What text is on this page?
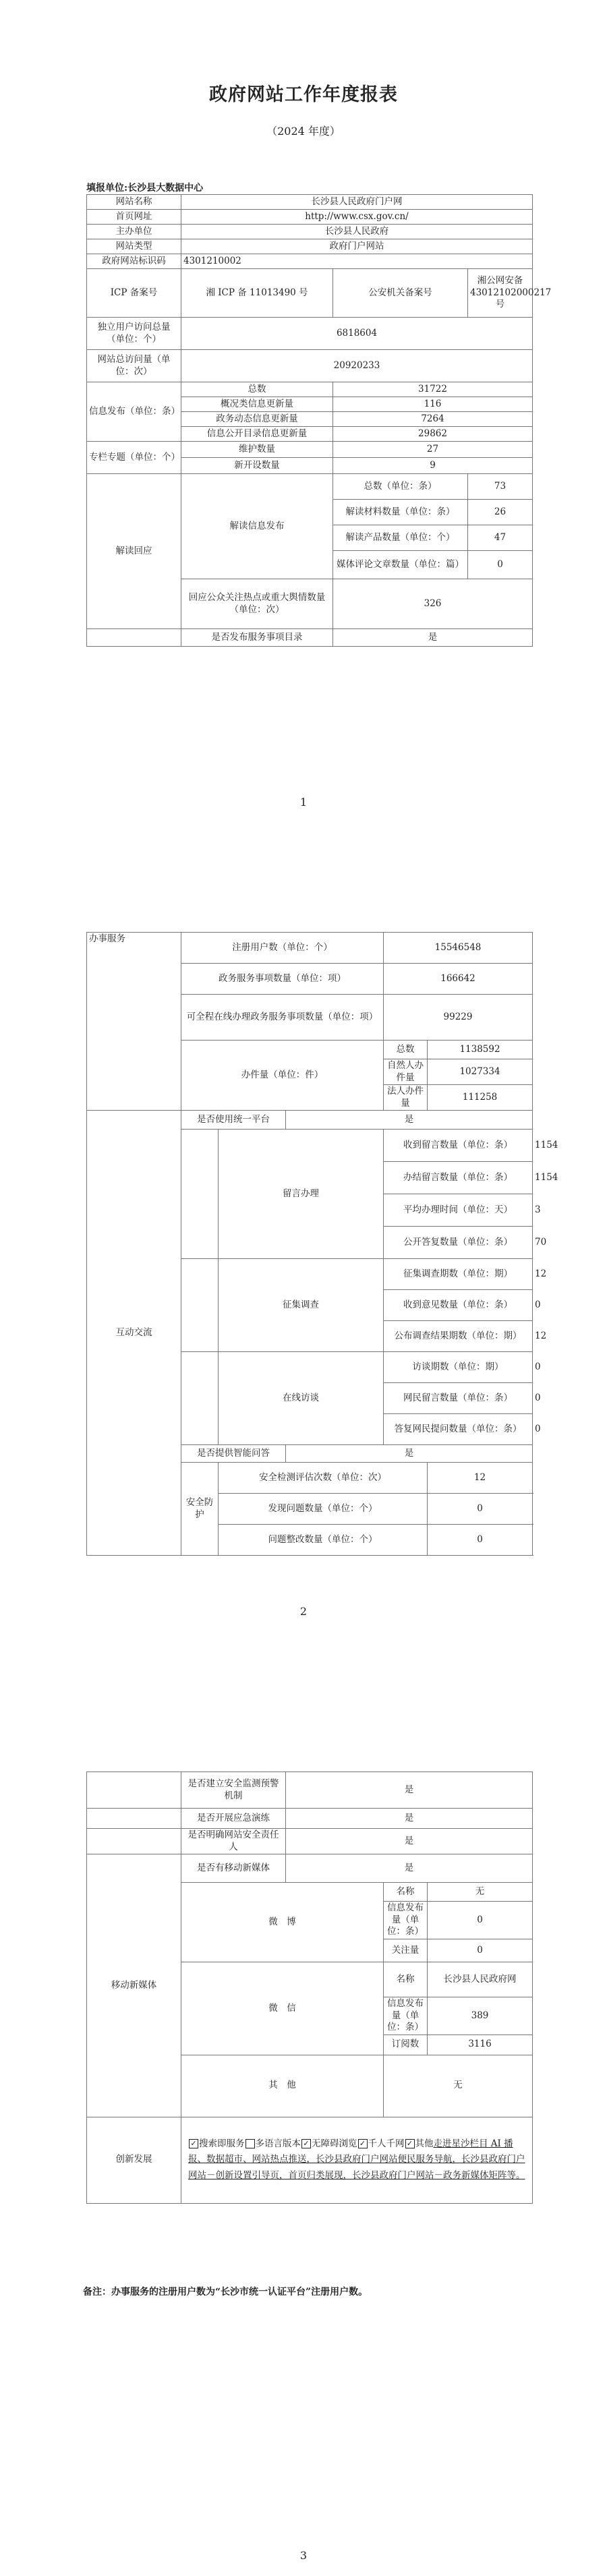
政府网站工作年度报表
（2024 年度）
填报单位:长沙县大数据中心
网站名称	长沙县人民政府门户网		
首页网址	http://www.csx.gov.cn/		
主办单位	长沙县人民政府		
网站类型	政府门户网站		
政府网站标识码	4301210002		
ICP 备案号	湘 ICP 备 11013490 号	公安机关备案号	湘公网安备43012102000217号
独立用户访问总量（单位：个）	6818604		
网站总访问量（单位：次）	20920233		
信息发布（单位：条）	总数	31722	
	概况类信息更新量	116	
	政务动态信息更新量	7264	
	信息公开目录信息更新量	29862	
专栏专题（单位：个）	维护数量	27	
	新开设数量	9	
解读回应	解读信息发布	总数（单位：条）	73
		解读材料数量（单位：条）	26
		解读产品数量（单位：个）	47
		媒体评论文章数量（单位：篇）	0
	回应公众关注热点或重大舆情数量（单位：次）	326	
	是否发布服务事项目录	是	
1
办事服务	注册用户数（单位：个）			15546548		
	政务服务事项数量（单位：项）			166642		
	可全程在线办理政务服务事项数量（单位：项）			99229		
	办件量（单位：件）			总数	1138592	
				自然人办件量	1027334	
				法人办件量	111258	
互动交流	是否使用统一平台		是			
		留言办理		收到留言数量（单位：条）		1154
				办结留言数量（单位：条）		1154
				平均办理时间（单位：天）		3
				公开答复数量（单位：条）		70
		征集调查		征集调查期数（单位：期）		12
				收到意见数量（单位：条）		0
				公布调查结果期数（单位：期）		12
		在线访谈		访谈期数（单位：期）		0
				网民留言数量（单位：条）		0
				答复网民提问数量（单位：条）		0
	是否提供智能问答		是			
	安全防护	安全检测评估次数（单位：次）			12	
		发现问题数量（单位：个）			0	
		问题整改数量（单位：个）			0	
2
	是否建立安全监测预警机制	是		
	是否开展应急演练	是		
	是否明确网站安全责任人	是		
移动新媒体	是否有移动新媒体	是		
	微　博		名称	无
			信息发布量（单位：条）	0
			关注量	0
	微　信		名称	长沙县人民政府网
			信息发布量（单位：条）	389
			订阅数	3116
	其　他		无	
创新发展	✓ 搜索即服务 多语言版本 ✓ 无障碍浏览 ✓ 千人千网 ✓ 其他走进星沙栏目 AI 播报、数据超市、网站热点推送，长沙县政府门户网站便民服务导航，长沙县政府门户网站－创新设置引导页，首页归类展现，长沙县政府门户网站－政务新媒体矩阵等。			
备注：办事服务的注册用户数为“长沙市统一认证平台”注册用户数。
3
